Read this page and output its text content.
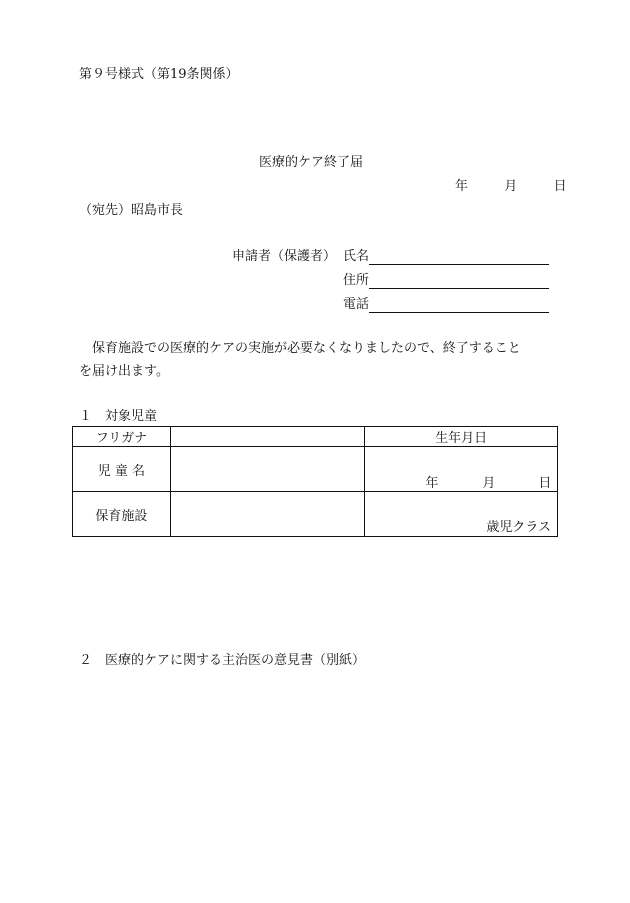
第９号様式（第19条関係）
医療的ケア終了届
年	月	日
（宛先）昭島市長
申請者（保護者） 氏名
住所
電話
保育施設での医療的ケアの実施が必要なくなりましたので、終了すること
を届け出ます。
１　対象児童
フリガナ		生年月日
児 童 名		年 月 日

保育施設		歳児クラス
２　医療的ケアに関する主治医の意見書（別紙）
